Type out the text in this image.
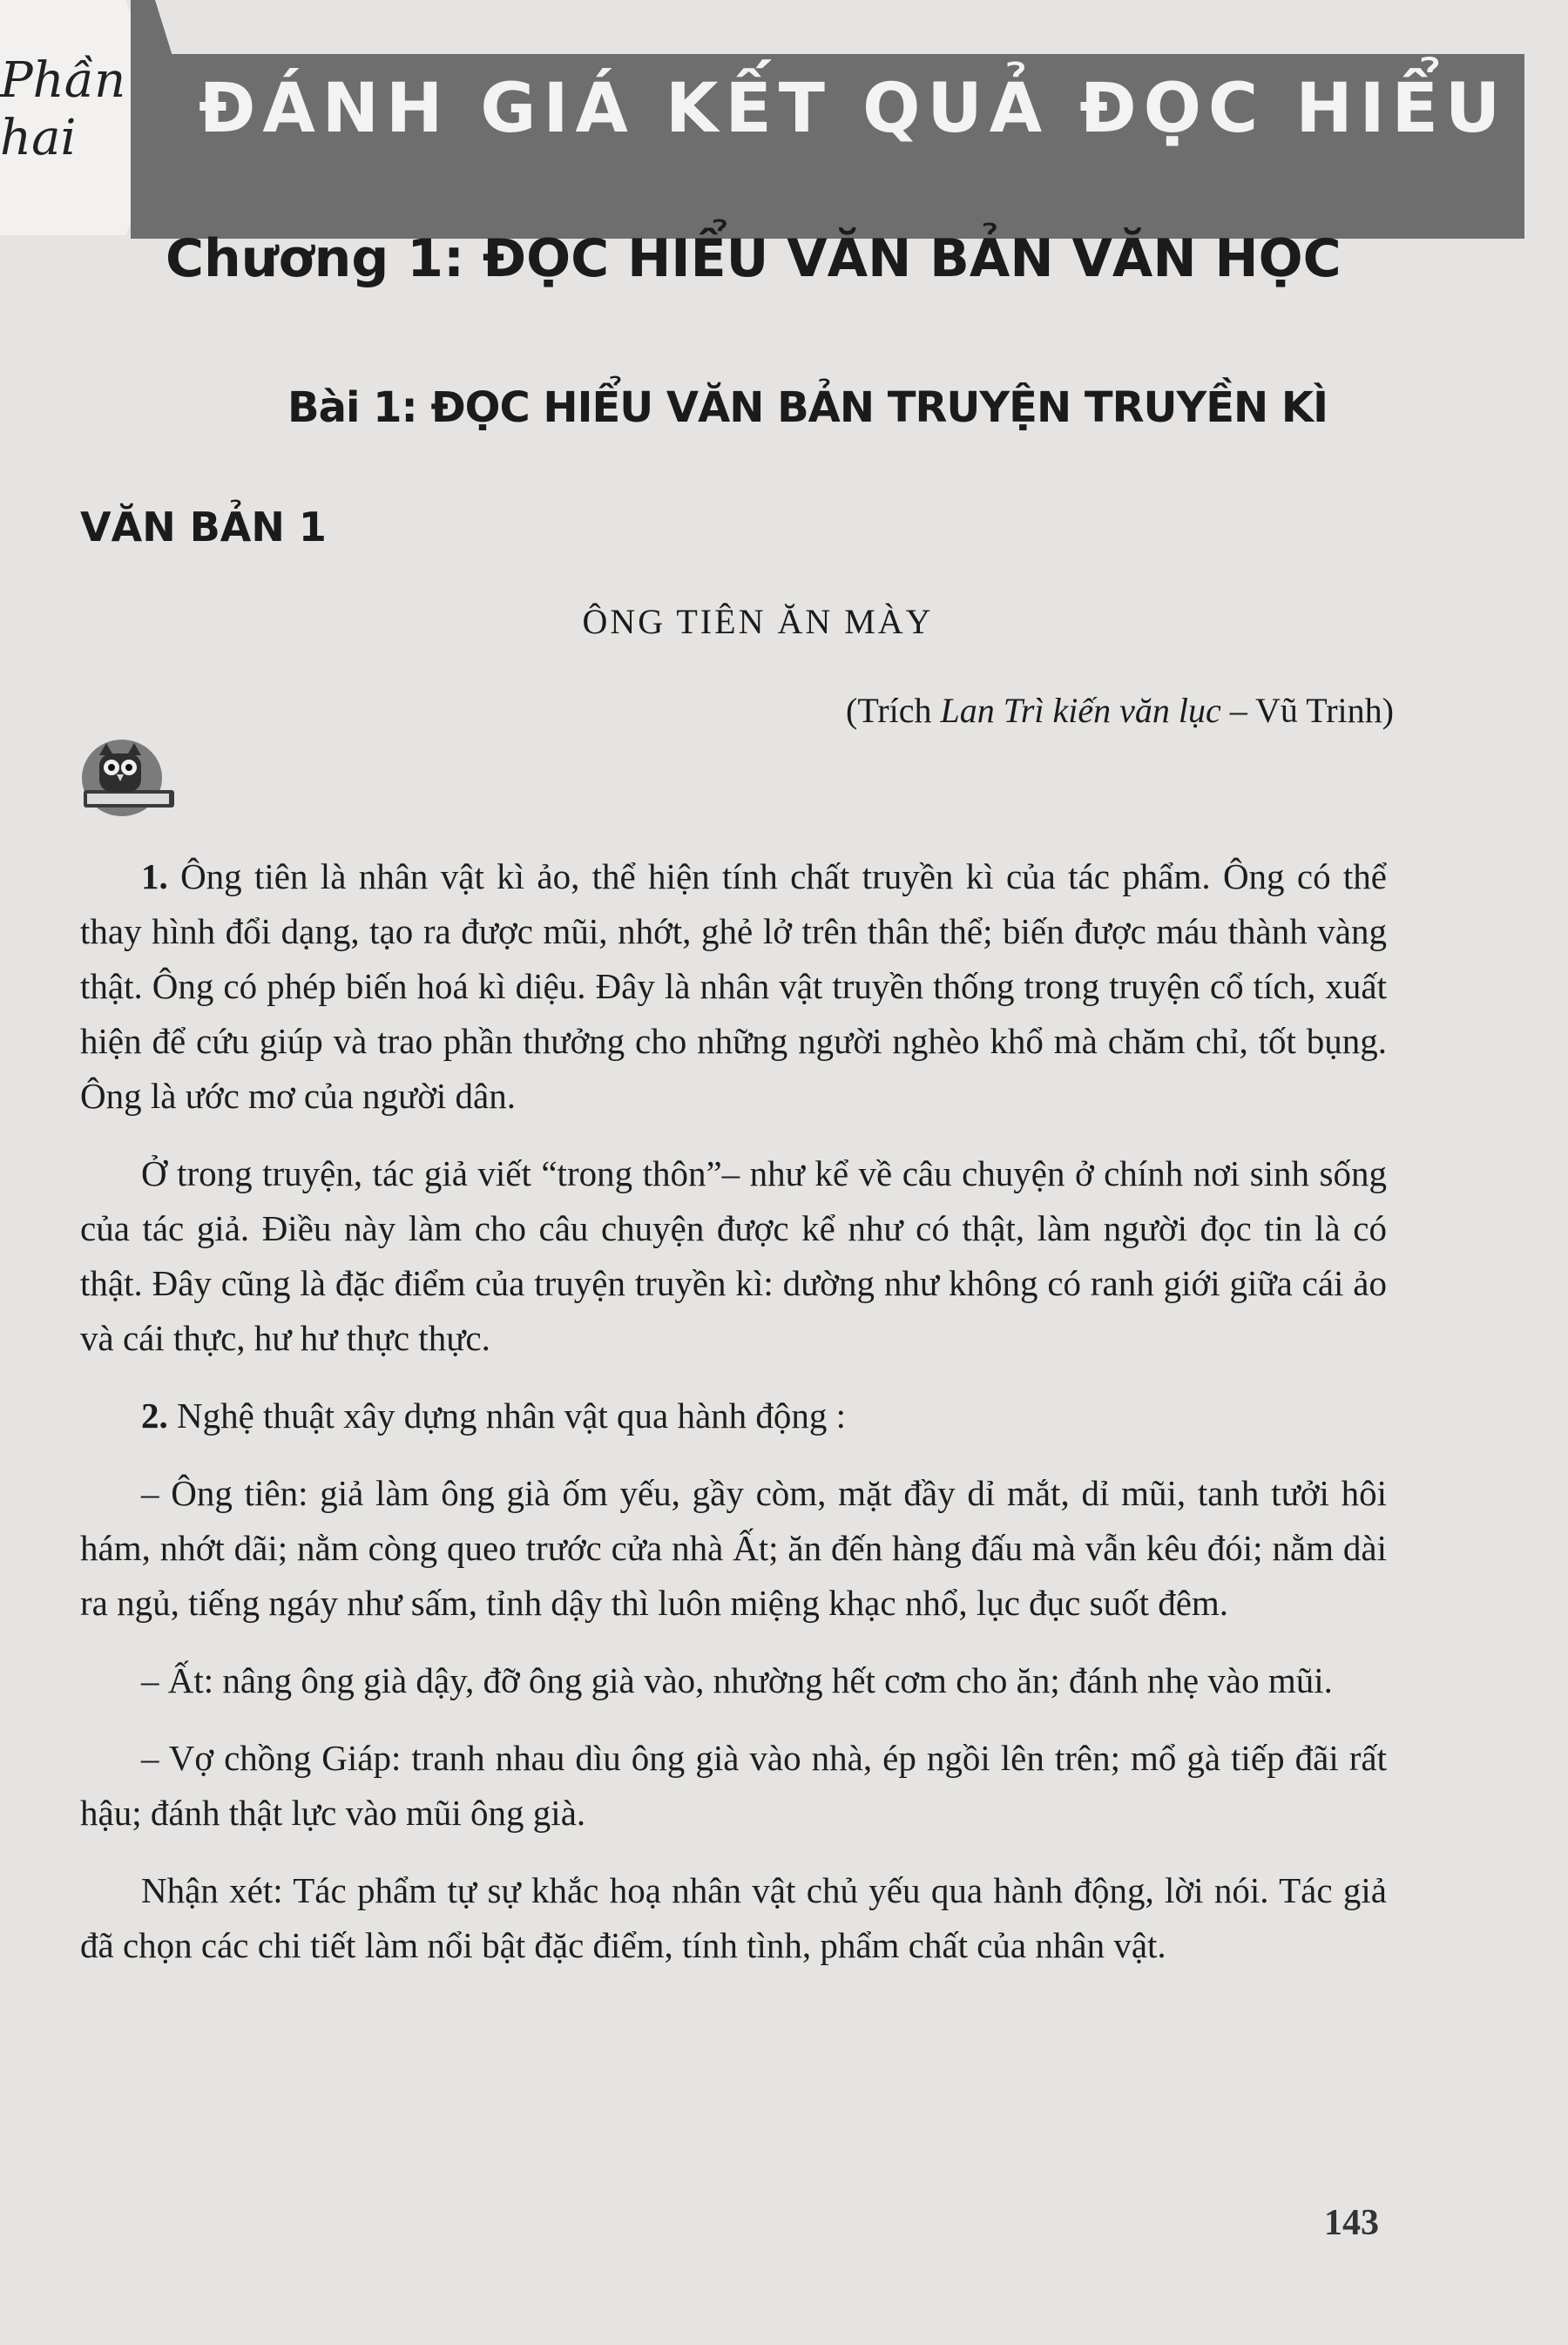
Phần
hai	ĐÁNH GIÁ KẾT QUẢ ĐỌC HIỂU
Chương 1: ĐỌC HIỂU VĂN BẢN VĂN HỌC
Bài 1: ĐỌC HIỂU VĂN BẢN TRUYỆN TRUYỀN KÌ
VĂN BẢN 1
ÔNG TIÊN ĂN MÀY
(Trích Lan Trì kiến văn lục – Vũ Trinh)

1. Ông tiên là nhân vật kì ảo, thể hiện tính chất truyền kì của tác phẩm. Ông có thể thay hình đổi dạng, tạo ra được mũi, nhớt, ghẻ lở trên thân thể; biến được máu thành vàng thật. Ông có phép biến hoá kì diệu. Đây là nhân vật truyền thống trong truyện cổ tích, xuất hiện để cứu giúp và trao phần thưởng cho những người nghèo khổ mà chăm chỉ, tốt bụng. Ông là ước mơ của người dân.

Ở trong truyện, tác giả viết “trong thôn”– như kể về câu chuyện ở chính nơi sinh sống của tác giả. Điều này làm cho câu chuyện được kể như có thật, làm người đọc tin là có thật. Đây cũng là đặc điểm của truyện truyền kì: dường như không có ranh giới giữa cái ảo và cái thực, hư hư thực thực.

2. Nghệ thuật xây dựng nhân vật qua hành động :

– Ông tiên: giả làm ông già ốm yếu, gầy còm, mặt đầy dỉ mắt, dỉ mũi, tanh tưởi hôi hám, nhớt dãi; nằm còng queo trước cửa nhà Ất; ăn đến hàng đấu mà vẫn kêu đói; nằm dài ra ngủ, tiếng ngáy như sấm, tỉnh dậy thì luôn miệng khạc nhổ, lục đục suốt đêm.

– Ất: nâng ông già dậy, đỡ ông già vào, nhường hết cơm cho ăn; đánh nhẹ vào mũi.

– Vợ chồng Giáp: tranh nhau dìu ông già vào nhà, ép ngồi lên trên; mổ gà tiếp đãi rất hậu; đánh thật lực vào mũi ông già.

Nhận xét: Tác phẩm tự sự khắc hoạ nhân vật chủ yếu qua hành động, lời nói. Tác giả đã chọn các chi tiết làm nổi bật đặc điểm, tính tình, phẩm chất của nhân vật.

143
